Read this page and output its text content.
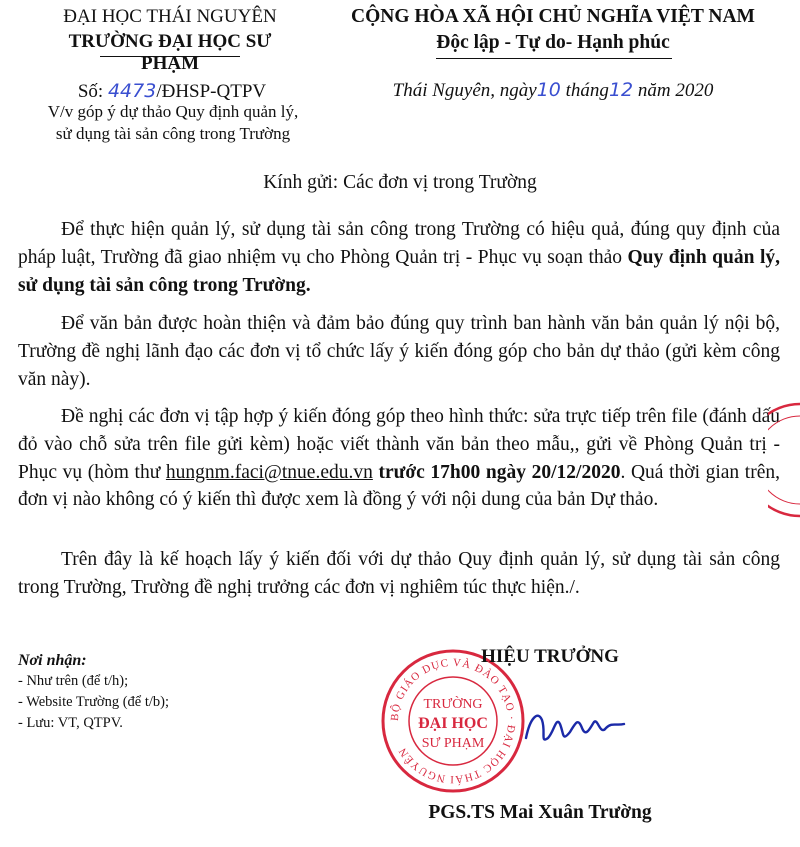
ĐẠI HỌC THÁI NGUYÊN
TRƯỜNG ĐẠI HỌC SƯ PHẠM
Số: 4473/ĐHSP-QTPV
V/v góp ý dự thảo Quy định quản lý,
sử dụng tài sản công trong Trường
CỘNG HÒA XÃ HỘI CHỦ NGHĨA VIỆT NAM
Độc lập - Tự do- Hạnh phúc
Thái Nguyên, ngày10 tháng12 năm 2020
Kính gửi: Các đơn vị trong Trường

Để thực hiện quản lý, sử dụng tài sản công trong Trường có hiệu quả, đúng quy định của pháp luật, Trường đã giao nhiệm vụ cho Phòng Quản trị - Phục vụ soạn thảo Quy định quản lý, sử dụng tài sản công trong Trường.

Để văn bản được hoàn thiện và đảm bảo đúng quy trình ban hành văn bản quản lý nội bộ, Trường đề nghị lãnh đạo các đơn vị tổ chức lấy ý kiến đóng góp cho bản dự thảo (gửi kèm công văn này).

Đề nghị các đơn vị tập hợp ý kiến đóng góp theo hình thức: sửa trực tiếp trên file (đánh dấu đỏ vào chỗ sửa trên file gửi kèm) hoặc viết thành văn bản theo mẫu,, gửi về Phòng Quản trị - Phục vụ (hòm thư hungnm.faci@tnue.edu.vn trước 17h00 ngày 20/12/2020. Quá thời gian trên, đơn vị nào không có ý kiến thì được xem là đồng ý với nội dung của bản Dự thảo.

Trên đây là kế hoạch lấy ý kiến đối với dự thảo Quy định quản lý, sử dụng tài sản công trong Trường, Trường đề nghị trưởng các đơn vị nghiêm túc thực hiện./.

Nơi nhận:
- Như trên (để t/h);
- Website Trường (để t/b);
- Lưu: VT, QTPV.	BỘ GIÁO DỤC VÀ ĐÀO TẠO · ĐẠI HỌC THÁI NGUYÊN
TRƯỜNG
ĐẠI HỌC
SƯ PHẠM
HIỆU TRƯỞNG
PGS.TS Mai Xuân Trường
